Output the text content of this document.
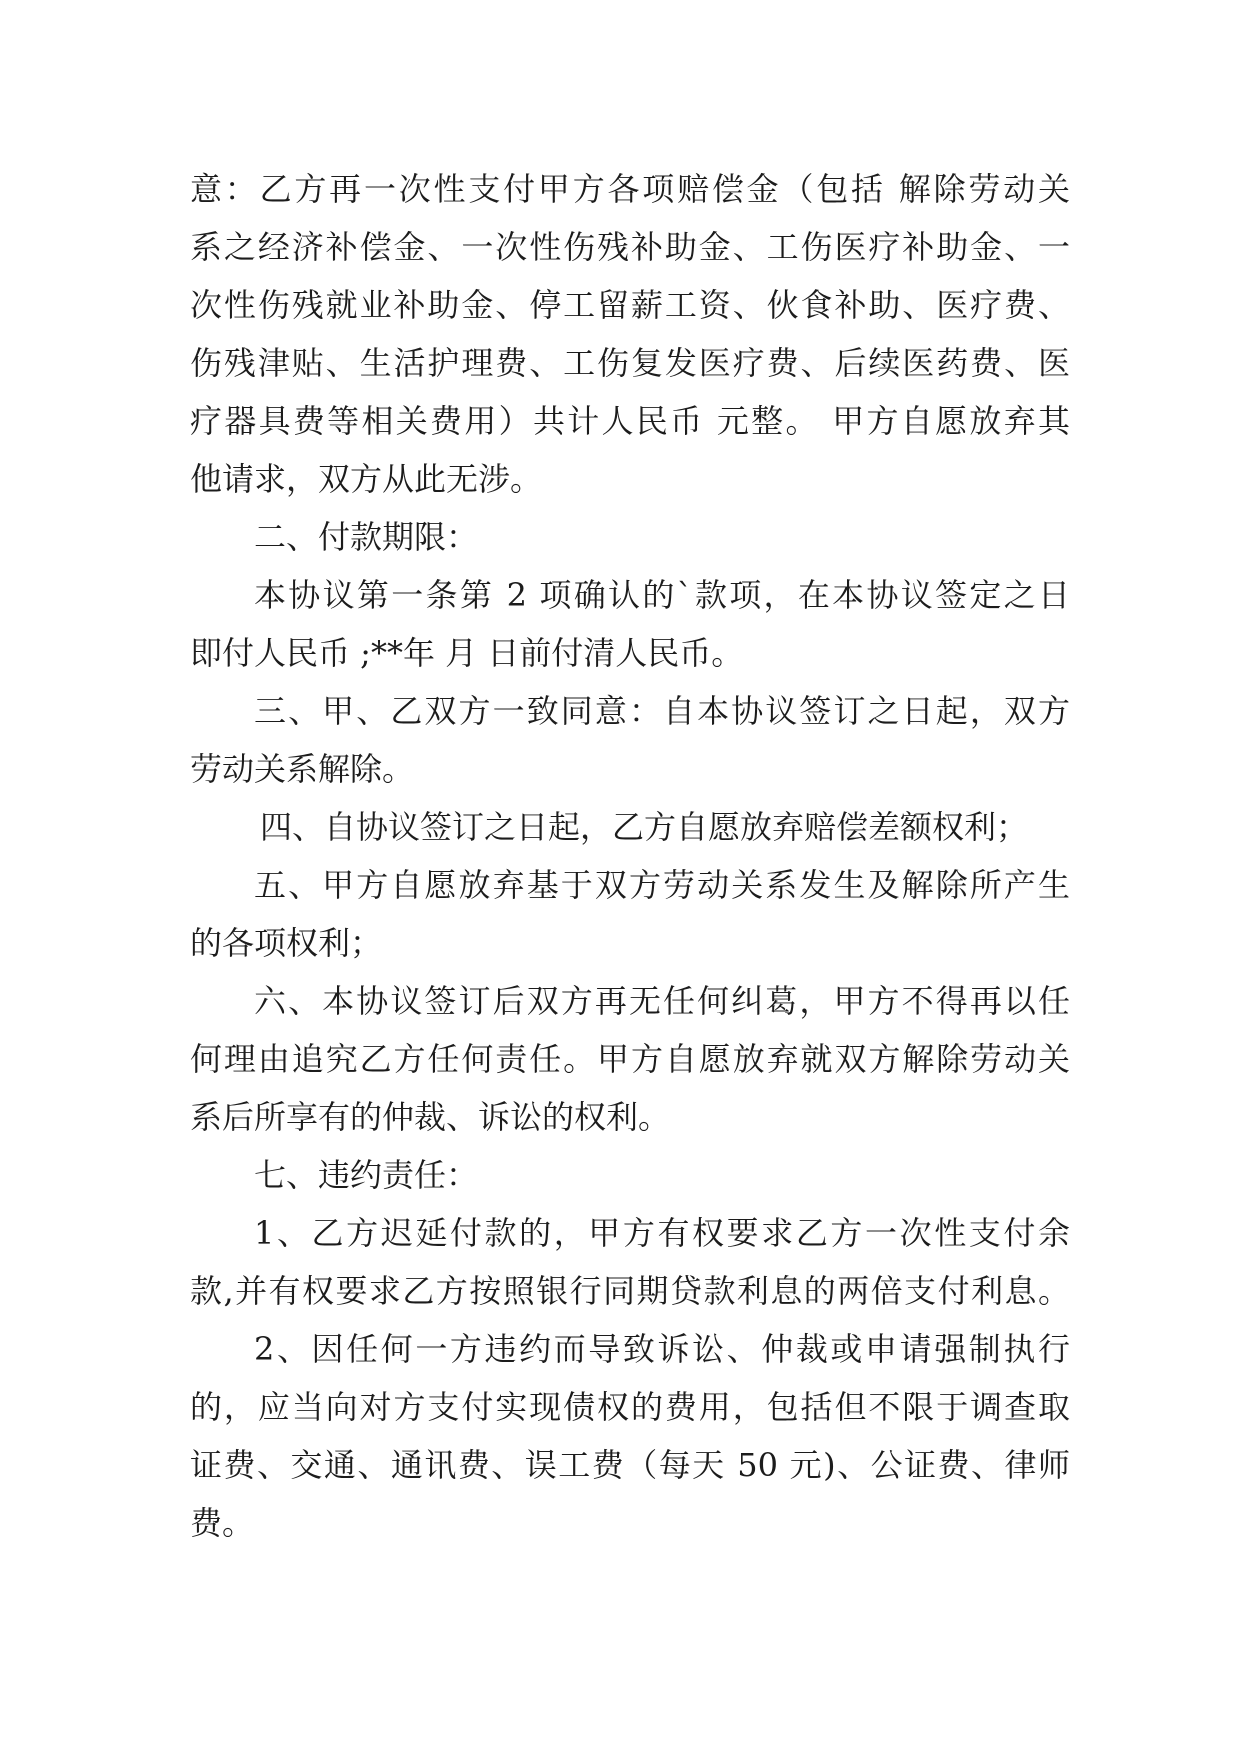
意：乙方再一次性支付甲方各项赔偿金（包括 解除劳动关
系之经济补偿金、一次性伤残补助金、工伤医疗补助金、一
次性伤残就业补助金、停工留薪工资、伙食补助、医疗费、
伤残津贴、生活护理费、工伤复发医疗费、后续医药费、医
疗器具费等相关费用）共计人民币 元整。 甲方自愿放弃其
他请求，双方从此无涉。
二、付款期限：
本协议第一条第 2 项确认的`款项，在本协议签定之日
即付人民币 ;**年 月 日前付清人民币。
三、甲、乙双方一致同意：自本协议签订之日起，双方
劳动关系解除。
四、自协议签订之日起，乙方自愿放弃赔偿差额权利；
五、甲方自愿放弃基于双方劳动关系发生及解除所产生
的各项权利；
六、本协议签订后双方再无任何纠葛，甲方不得再以任
何理由追究乙方任何责任。甲方自愿放弃就双方解除劳动关
系后所享有的仲裁、诉讼的权利。
七、违约责任：
1、乙方迟延付款的，甲方有权要求乙方一次性支付余
款,并有权要求乙方按照银行同期贷款利息的两倍支付利息。
2、因任何一方违约而导致诉讼、仲裁或申请强制执行
的，应当向对方支付实现债权的费用，包括但不限于调查取
证费、交通、通讯费、误工费（每天 50 元)、公证费、律师
费。
